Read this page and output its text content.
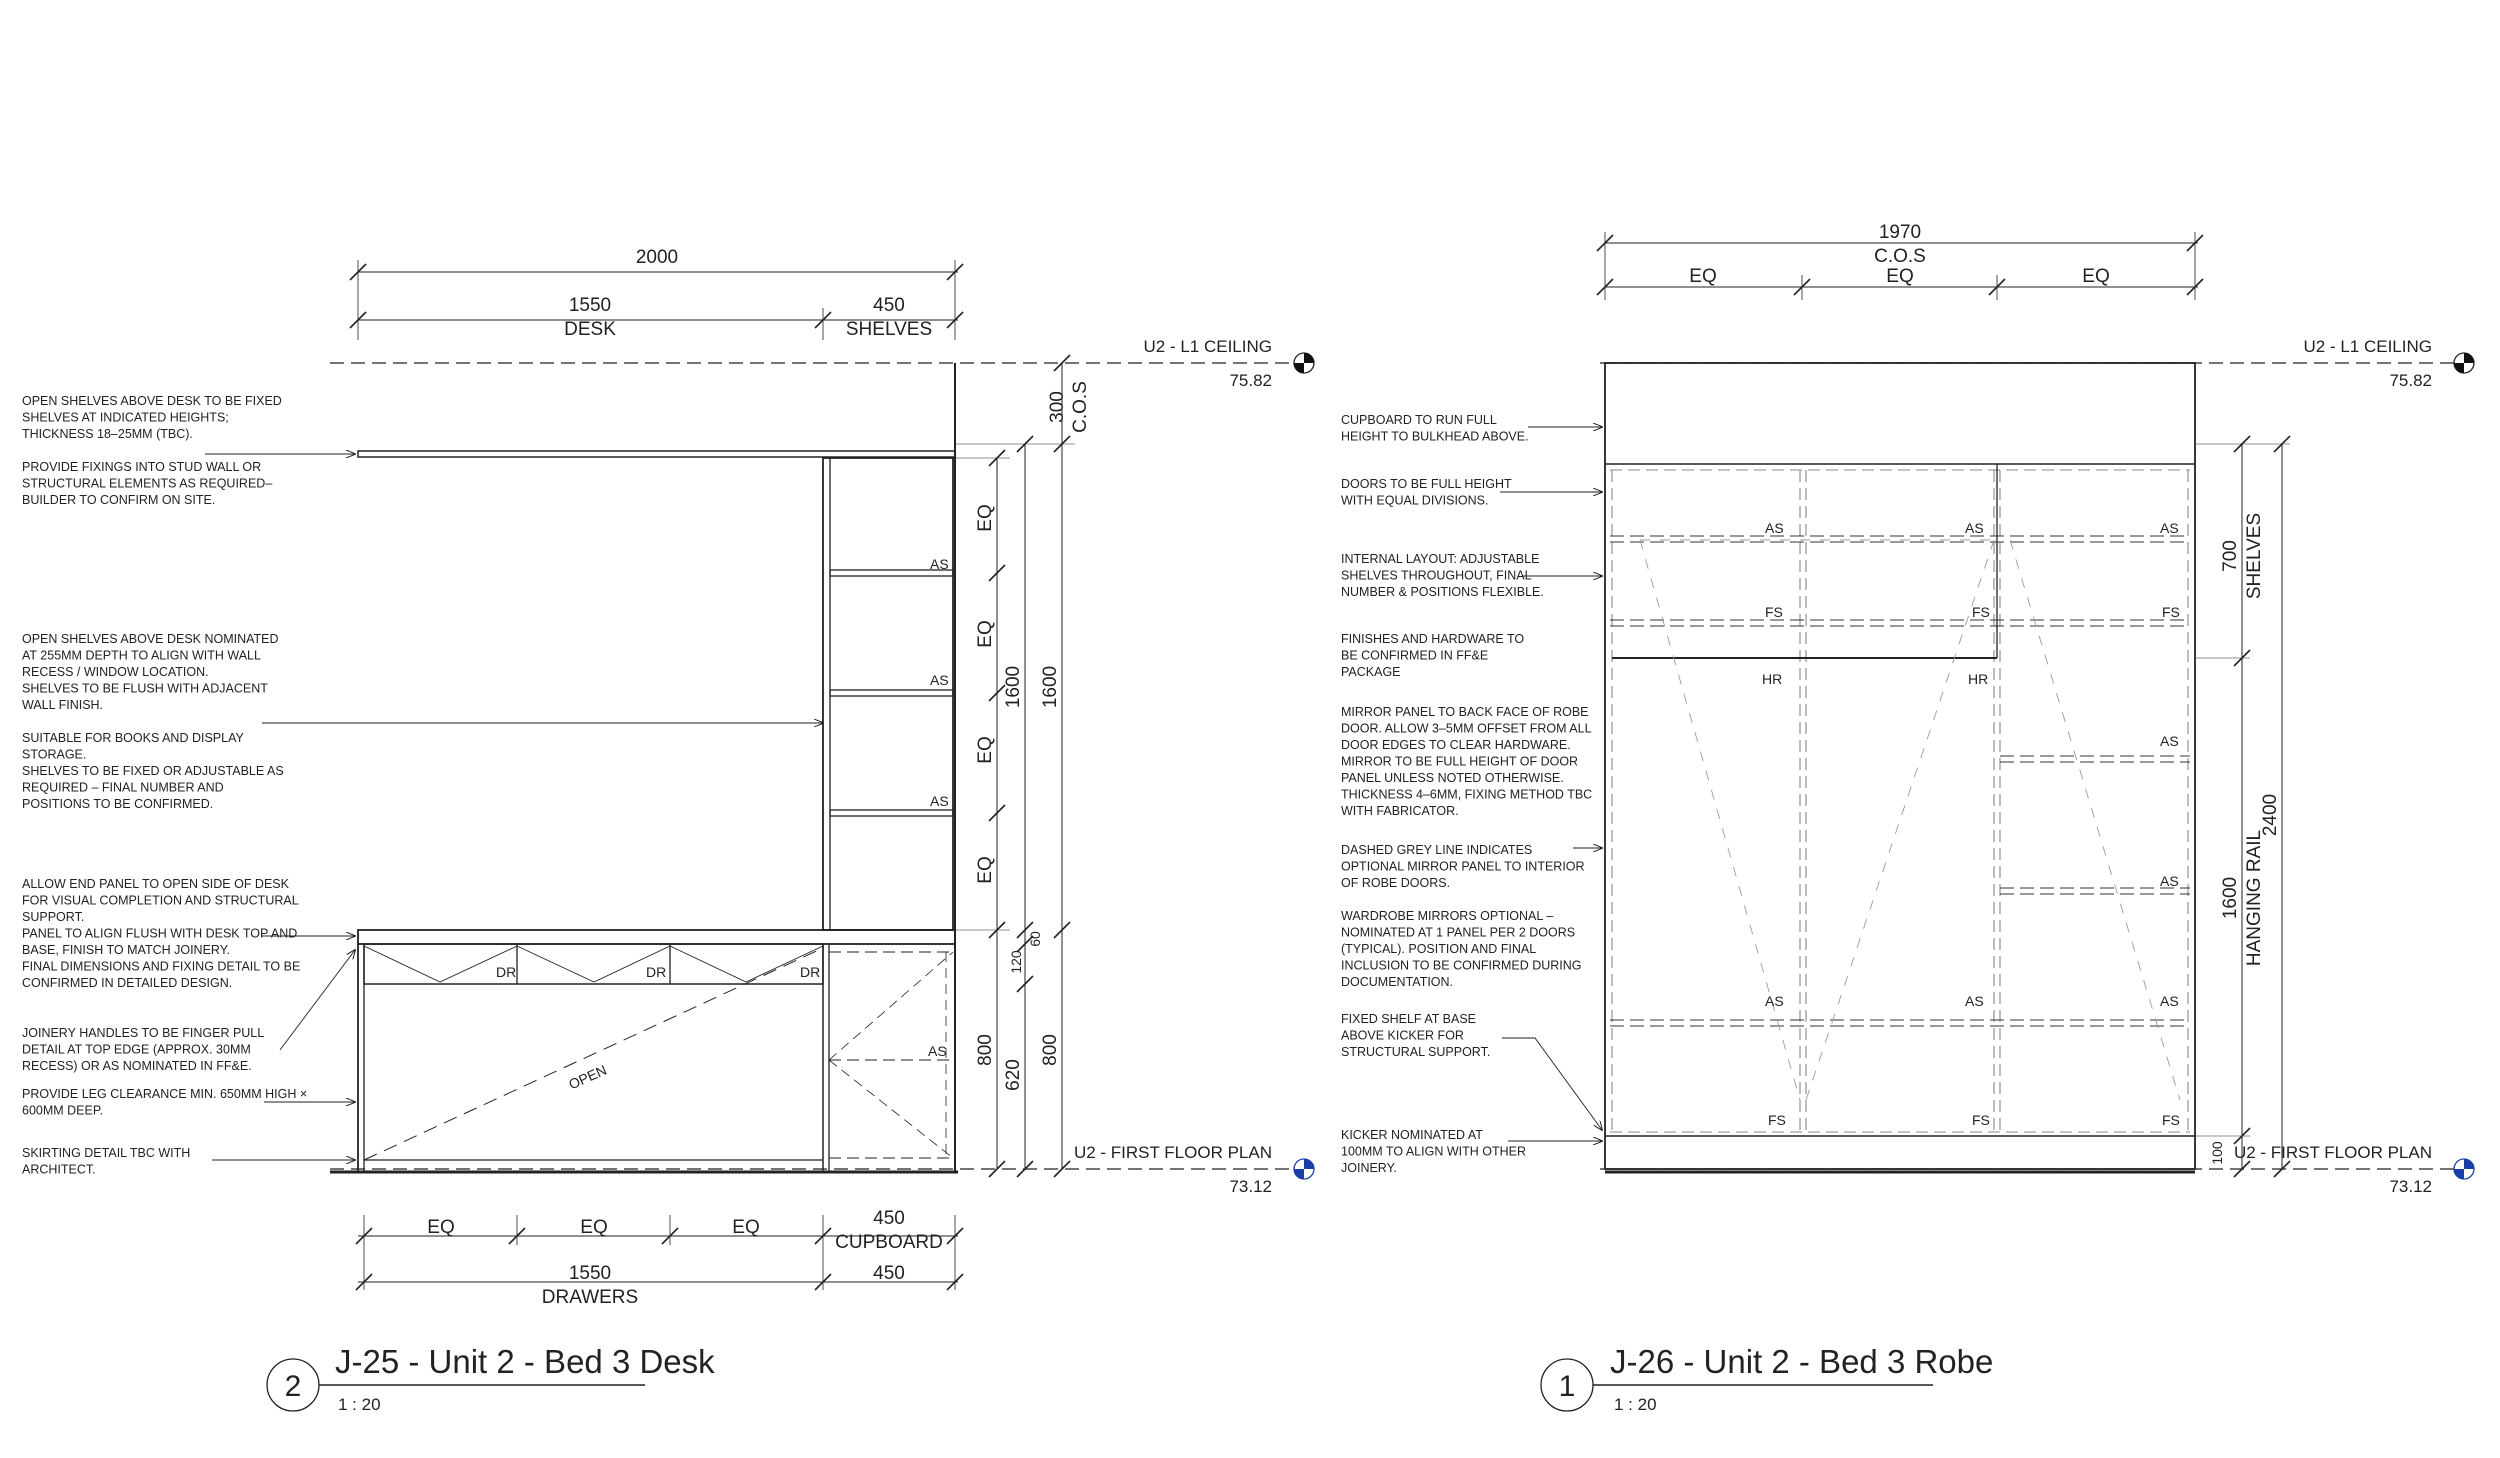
AS
AS
AS
AS
DR	DR	DR
OPEN
2000
1550
DESK
450
SHELVES
EQ	EQ	EQ	450
CUPBOARD
1550
DRAWERS
450
EQ
EQ
EQ
EQ
800
1600
120
620
300 C.O.S
1600
60
800
U2 - L1 CEILING
75.82
U2 - FIRST FLOOR PLAN
73.12
OPEN SHELVES ABOVE DESK TO BE FIXED SHELVES AT INDICATED HEIGHTS; THICKNESS 18–25MM (TBC). PROVIDE FIXINGS INTO STUD WALL OR STRUCTURAL ELEMENTS AS REQUIRED– BUILDER TO CONFIRM ON SITE.
OPEN SHELVES ABOVE DESK NOMINATED AT 255MM DEPTH TO ALIGN WITH WALL RECESS / WINDOW LOCATION. SHELVES TO BE FLUSH WITH ADJACENT WALL FINISH. SUITABLE FOR BOOKS AND DISPLAY STORAGE. SHELVES TO BE FIXED OR ADJUSTABLE AS REQUIRED – FINAL NUMBER AND POSITIONS TO BE CONFIRMED.
ALLOW END PANEL TO OPEN SIDE OF DESK FOR VISUAL COMPLETION AND STRUCTURAL SUPPORT. PANEL TO ALIGN FLUSH WITH DESK TOP AND BASE, FINISH TO MATCH JOINERY. FINAL DIMENSIONS AND FIXING DETAIL TO BE CONFIRMED IN DETAILED DESIGN.
JOINERY HANDLES TO BE FINGER PULL DETAIL AT TOP EDGE (APPROX. 30MM RECESS) OR AS NOMINATED IN FF&E.
PROVIDE LEG CLEARANCE MIN. 650MM HIGH × 600MM DEEP.
SKIRTING DETAIL TBC WITH ARCHITECT.
2
J-25 - Unit 2 - Bed 3 Desk
1 : 20
AS	AS	AS
FS	FS	FS
HR	HR
AS
AS
AS	AS	AS
FS	FS	FS
1970
C.O.S
EQ	EQ	EQ
700 SHELVES
1600 HANGING RAIL
2400
100
U2 - L1 CEILING
75.82
U2 - FIRST FLOOR PLAN
73.12
CUPBOARD TO RUN FULL HEIGHT TO BULKHEAD ABOVE.
DOORS TO BE FULL HEIGHT WITH EQUAL DIVISIONS.
INTERNAL LAYOUT: ADJUSTABLE SHELVES THROUGHOUT, FINAL NUMBER & POSITIONS FLEXIBLE.
FINISHES AND HARDWARE TO BE CONFIRMED IN FF&E PACKAGE
MIRROR PANEL TO BACK FACE OF ROBE DOOR. ALLOW 3–5MM OFFSET FROM ALL DOOR EDGES TO CLEAR HARDWARE. MIRROR TO BE FULL HEIGHT OF DOOR PANEL UNLESS NOTED OTHERWISE. THICKNESS 4–6MM, FIXING METHOD TBC WITH FABRICATOR.
DASHED GREY LINE INDICATES OPTIONAL MIRROR PANEL TO INTERIOR OF ROBE DOORS.
WARDROBE MIRRORS OPTIONAL – NOMINATED AT 1 PANEL PER 2 DOORS (TYPICAL). POSITION AND FINAL INCLUSION TO BE CONFIRMED DURING DOCUMENTATION.
FIXED SHELF AT BASE ABOVE KICKER FOR STRUCTURAL SUPPORT.
KICKER NOMINATED AT 100MM TO ALIGN WITH OTHER JOINERY.
1
J-26 - Unit 2 - Bed 3 Robe
1 : 20
